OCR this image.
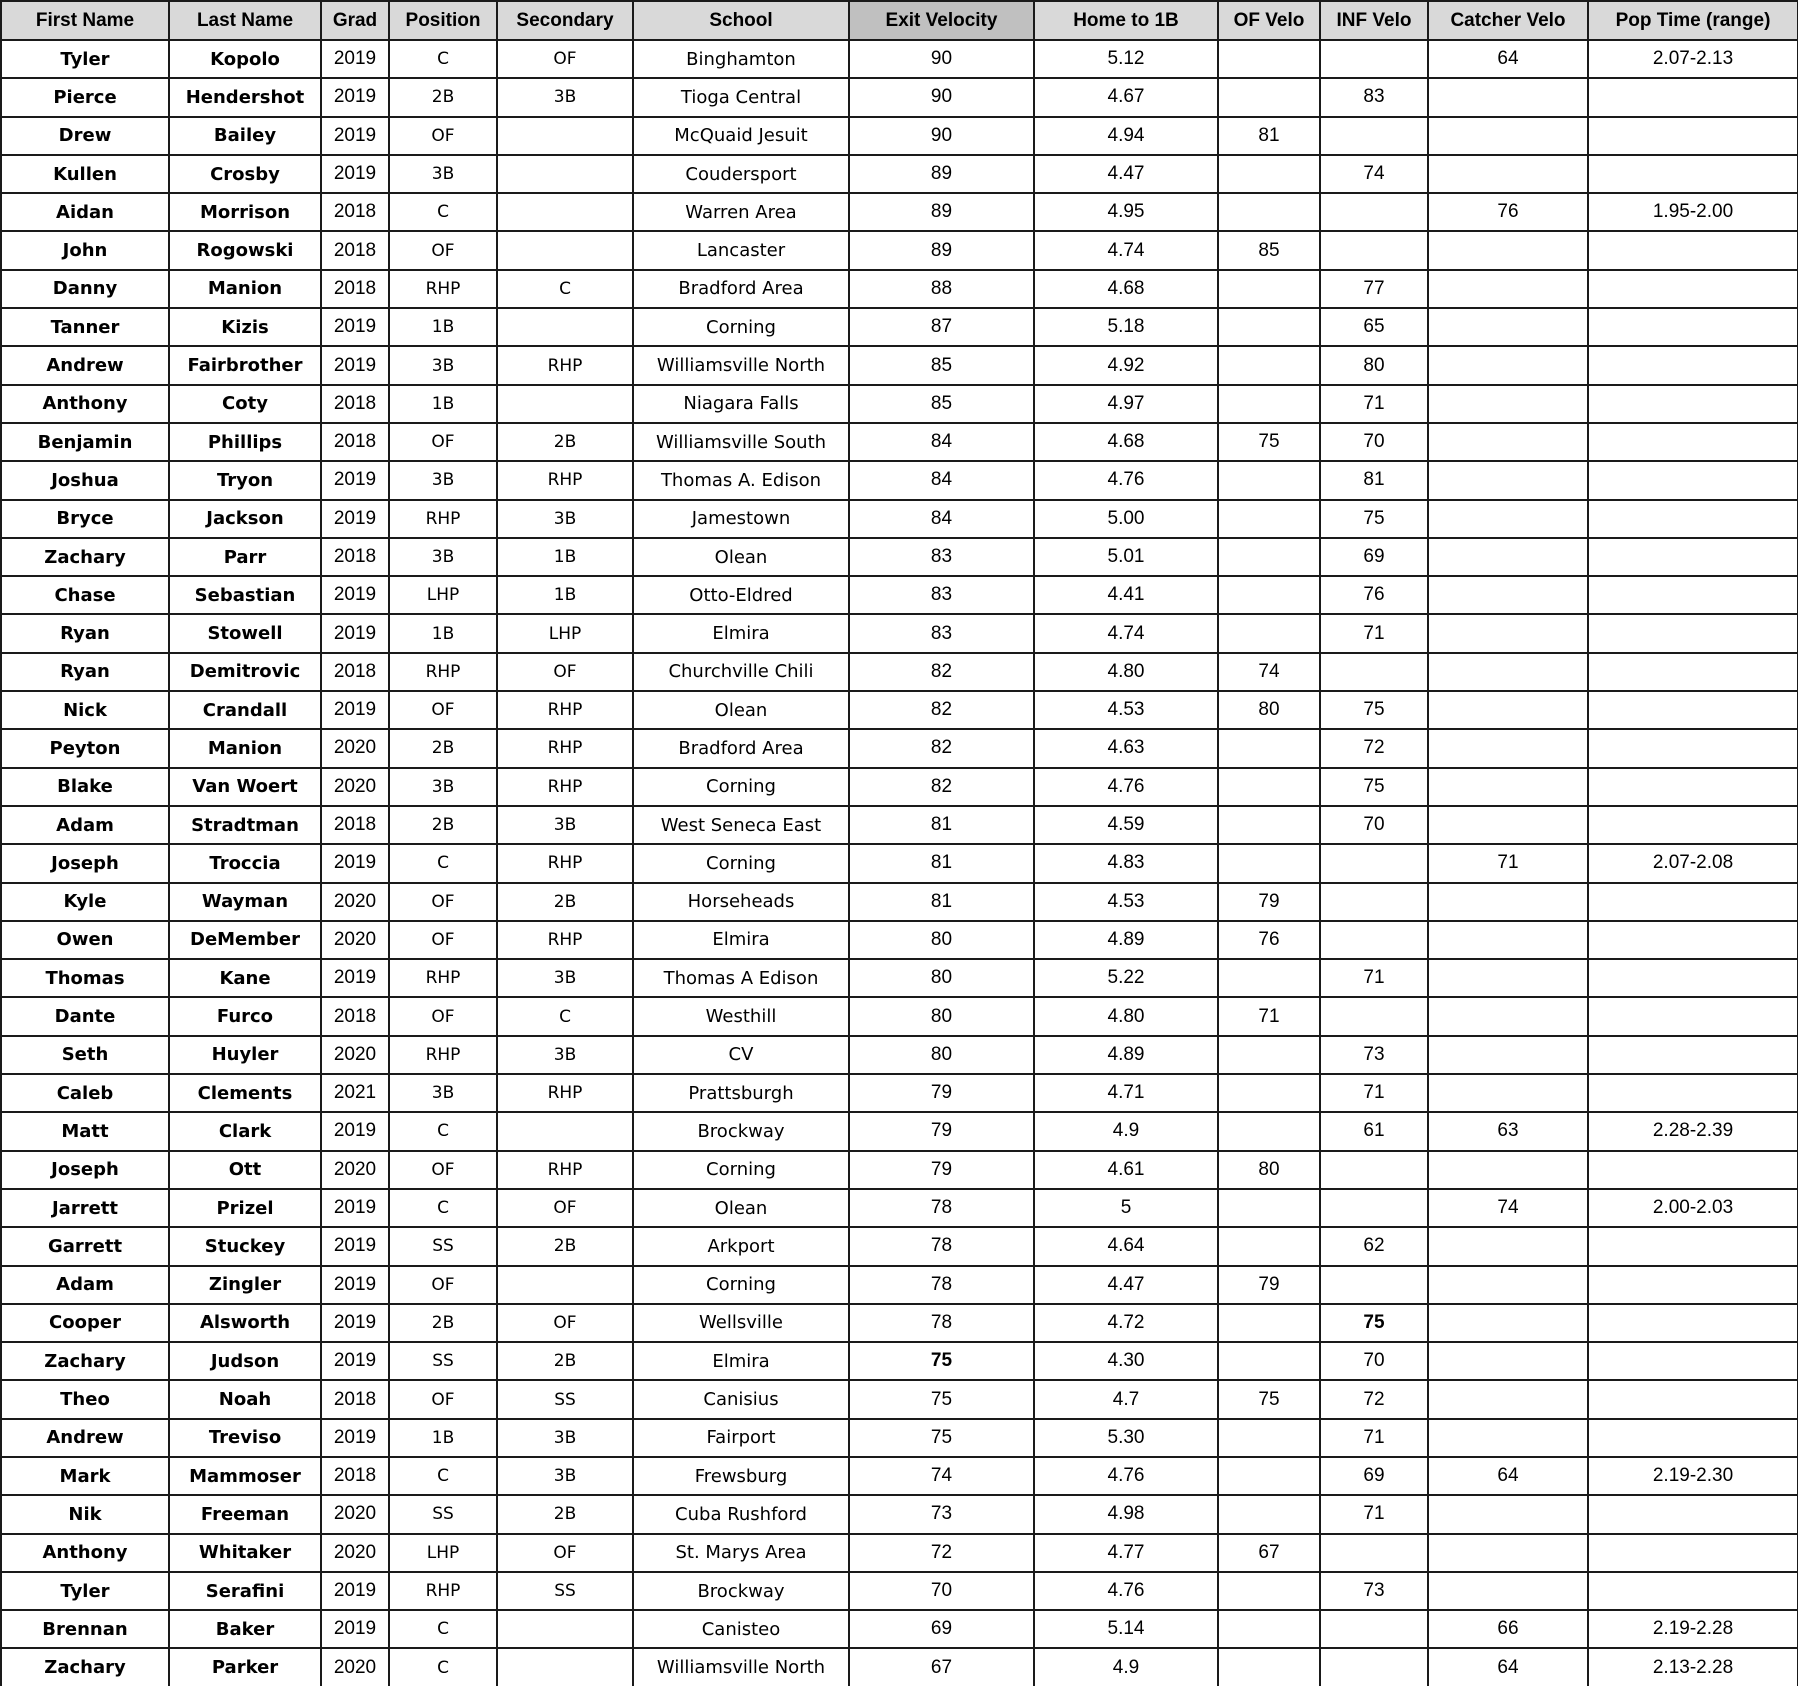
First Name	Last Name	Grad	Position	Secondary	School	Exit Velocity	Home to 1B	OF Velo	INF Velo	Catcher Velo	Pop Time (range)
Tyler	Kopolo	2019	C	OF	Binghamton	90	5.12			64	2.07-2.13
Pierce	Hendershot	2019	2B	3B	Tioga Central	90	4.67		83		
Drew	Bailey	2019	OF		McQuaid Jesuit	90	4.94	81			
Kullen	Crosby	2019	3B		Coudersport	89	4.47		74		
Aidan	Morrison	2018	C		Warren Area	89	4.95			76	1.95-2.00
John	Rogowski	2018	OF		Lancaster	89	4.74	85			
Danny	Manion	2018	RHP	C	Bradford Area	88	4.68		77		
Tanner	Kizis	2019	1B		Corning	87	5.18		65		
Andrew	Fairbrother	2019	3B	RHP	Williamsville North	85	4.92		80		
Anthony	Coty	2018	1B		Niagara Falls	85	4.97		71		
Benjamin	Phillips	2018	OF	2B	Williamsville South	84	4.68	75	70		
Joshua	Tryon	2019	3B	RHP	Thomas A. Edison	84	4.76		81		
Bryce	Jackson	2019	RHP	3B	Jamestown	84	5.00		75		
Zachary	Parr	2018	3B	1B	Olean	83	5.01		69		
Chase	Sebastian	2019	LHP	1B	Otto-Eldred	83	4.41		76		
Ryan	Stowell	2019	1B	LHP	Elmira	83	4.74		71		
Ryan	Demitrovic	2018	RHP	OF	Churchville Chili	82	4.80	74			
Nick	Crandall	2019	OF	RHP	Olean	82	4.53	80	75		
Peyton	Manion	2020	2B	RHP	Bradford Area	82	4.63		72		
Blake	Van Woert	2020	3B	RHP	Corning	82	4.76		75		
Adam	Stradtman	2018	2B	3B	West Seneca East	81	4.59		70		
Joseph	Troccia	2019	C	RHP	Corning	81	4.83			71	2.07-2.08
Kyle	Wayman	2020	OF	2B	Horseheads	81	4.53	79			
Owen	DeMember	2020	OF	RHP	Elmira	80	4.89	76			
Thomas	Kane	2019	RHP	3B	Thomas A Edison	80	5.22		71		
Dante	Furco	2018	OF	C	Westhill	80	4.80	71			
Seth	Huyler	2020	RHP	3B	CV	80	4.89		73		
Caleb	Clements	2021	3B	RHP	Prattsburgh	79	4.71		71		
Matt	Clark	2019	C		Brockway	79	4.9		61	63	2.28-2.39
Joseph	Ott	2020	OF	RHP	Corning	79	4.61	80			
Jarrett	Prizel	2019	C	OF	Olean	78	5			74	2.00-2.03
Garrett	Stuckey	2019	SS	2B	Arkport	78	4.64		62		
Adam	Zingler	2019	OF		Corning	78	4.47	79			
Cooper	Alsworth	2019	2B	OF	Wellsville	78	4.72		75		
Zachary	Judson	2019	SS	2B	Elmira	75	4.30		70		
Theo	Noah	2018	OF	SS	Canisius	75	4.7	75	72		
Andrew	Treviso	2019	1B	3B	Fairport	75	5.30		71		
Mark	Mammoser	2018	C	3B	Frewsburg	74	4.76		69	64	2.19-2.30
Nik	Freeman	2020	SS	2B	Cuba Rushford	73	4.98		71		
Anthony	Whitaker	2020	LHP	OF	St. Marys Area	72	4.77	67			
Tyler	Serafini	2019	RHP	SS	Brockway	70	4.76		73		
Brennan	Baker	2019	C		Canisteo	69	5.14			66	2.19-2.28
Zachary	Parker	2020	C		Williamsville North	67	4.9			64	2.13-2.28
